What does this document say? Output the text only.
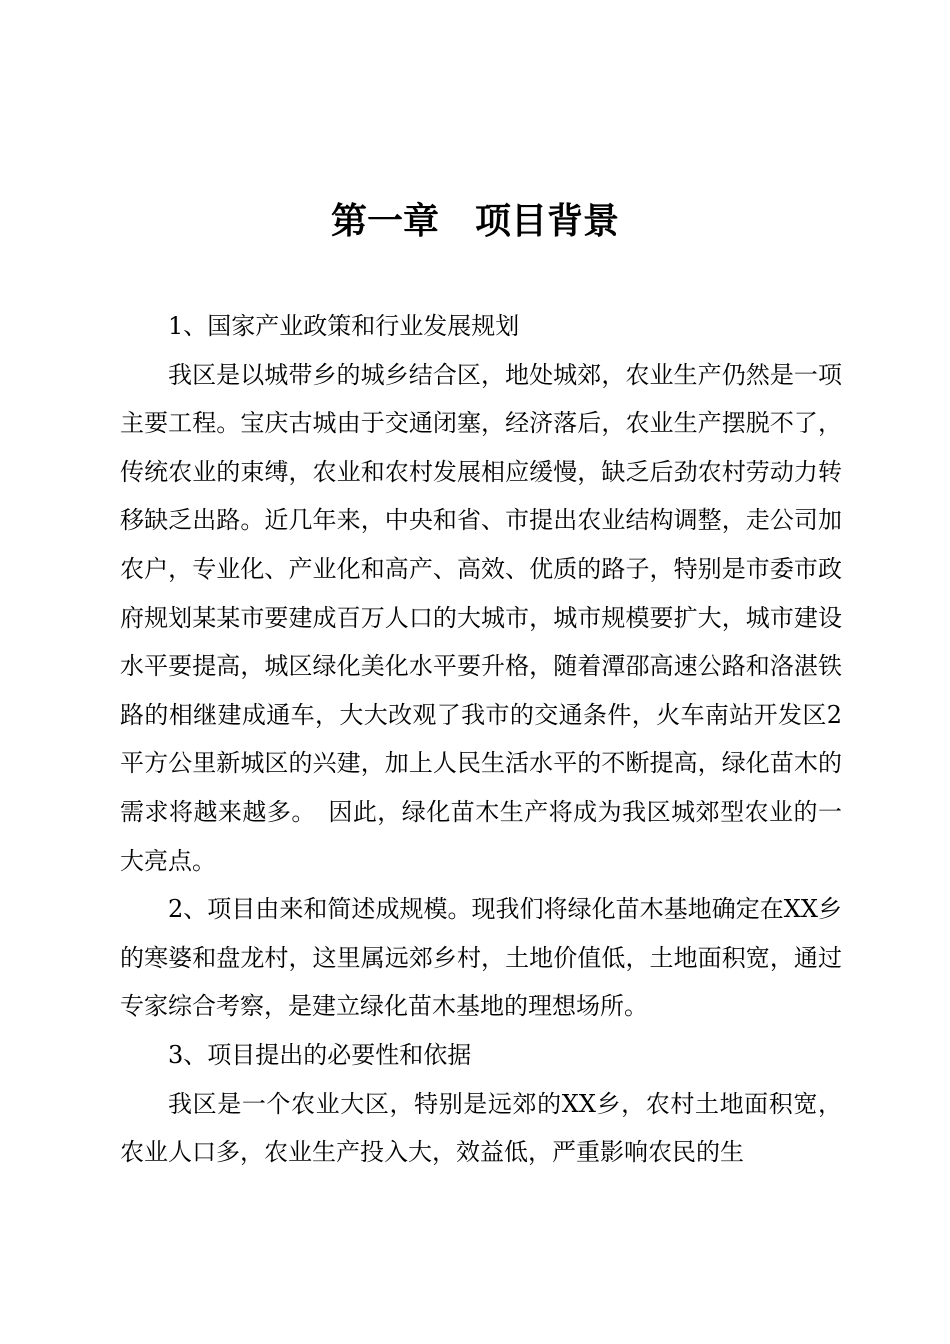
第一章　项目背景

1、国家产业政策和行业发展规划

我区是以城带乡的城乡结合区，地处城郊，农业生产仍然是一项主要工程。宝庆古城由于交通闭塞，经济落后，农业生产摆脱不了，传统农业的束缚，农业和农村发展相应缓慢，缺乏后劲农村劳动力转移缺乏出路。近几年来，中央和省、市提出农业结构调整，走公司加农户，专业化、产业化和高产、高效、优质的路子，特别是市委市政府规划某某市要建成百万人口的大城市，城市规模要扩大，城市建设水平要提高，城区绿化美化水平要升格，随着潭邵高速公路和洛湛铁路的相继建成通车，大大改观了我市的交通条件，火车南站开发区2平方公里新城区的兴建，加上人民生活水平的不断提高，绿化苗木的需求将越来越多。　因此，绿化苗木生产将成为我区城郊型农业的一大亮点。

2、项目由来和简述成规模。现我们将绿化苗木基地确定在XX乡的寒婆和盘龙村，这里属远郊乡村，土地价值低，土地面积宽，通过专家综合考察，是建立绿化苗木基地的理想场所。

3、项目提出的必要性和依据

我区是一个农业大区，特别是远郊的XX乡，农村土地面积宽，农业人口多，农业生产投入大，效益低，严重影响农民的生
